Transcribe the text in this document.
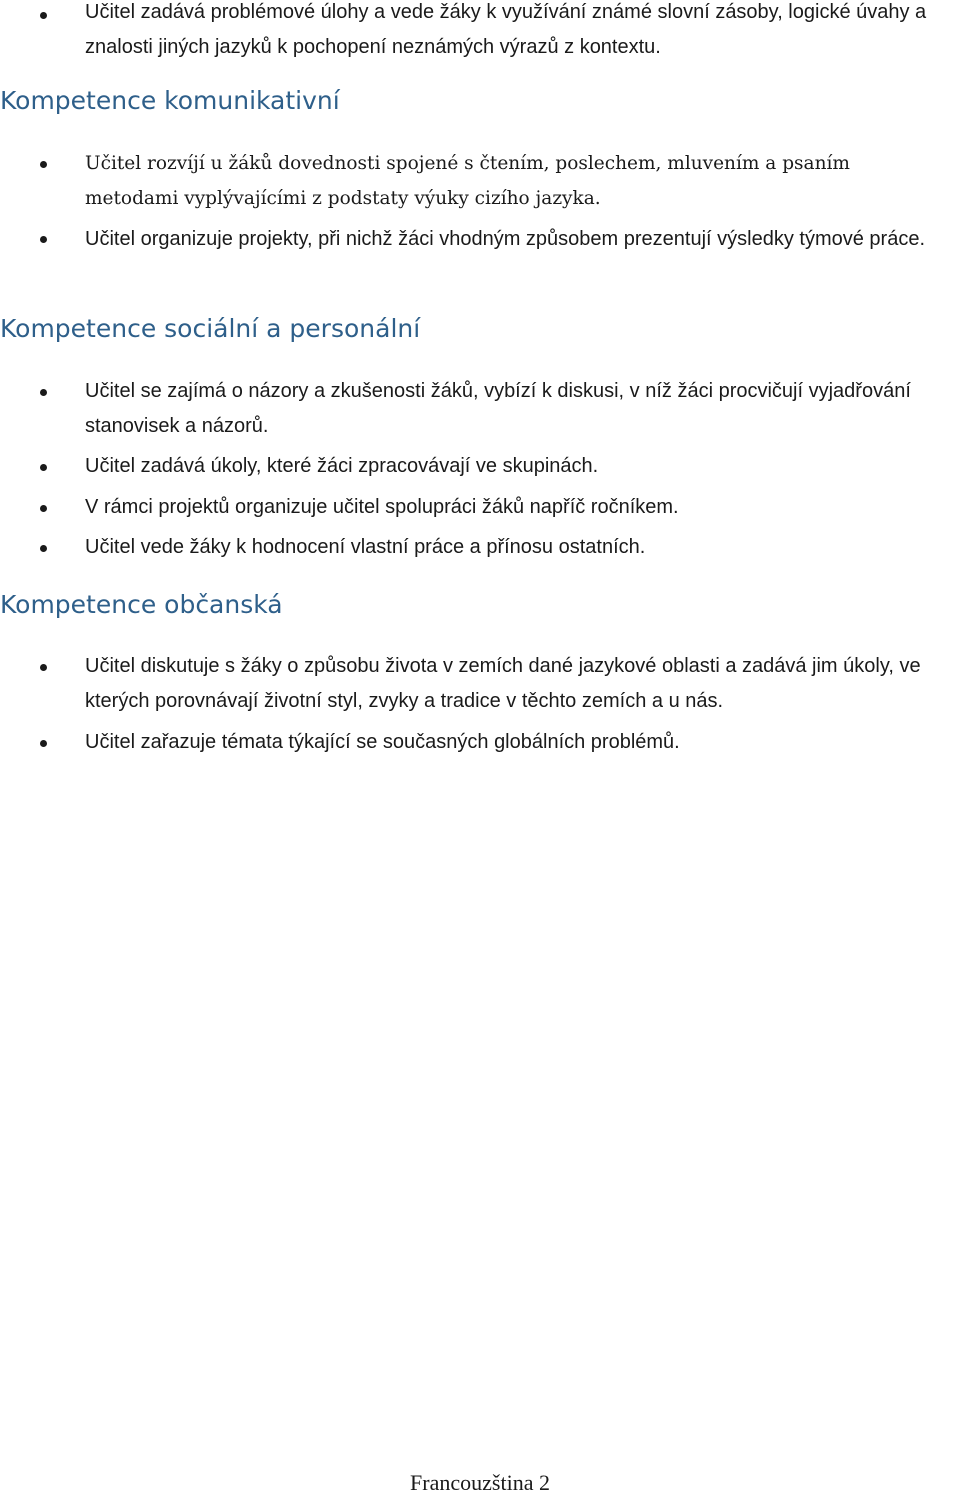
Učitel zadává problémové úlohy a vede žáky k využívání známé slovní zásoby, logické úvahy a znalosti jiných jazyků k pochopení neznámých výrazů z kontextu.

Kompetence komunikativní

Učitel rozvíjí u žáků dovednosti spojené s čtením, poslechem, mluvením a psaním metodami vyplývajícími z podstaty výuky cizího jazyka.

Učitel organizuje projekty, při nichž žáci vhodným způsobem prezentují výsledky týmové práce.

Kompetence sociální a personální

Učitel se zajímá o názory a zkušenosti žáků, vybízí k diskusi, v níž žáci procvičují vyjadřování stanovisek a názorů.

Učitel zadává úkoly, které žáci zpracovávají ve skupinách.

V rámci projektů organizuje učitel spolupráci žáků napříč ročníkem.

Učitel vede žáky k hodnocení vlastní práce a přínosu ostatních.

Kompetence občanská

Učitel diskutuje s žáky o způsobu života v zemích dané jazykové oblasti a zadává jim úkoly, ve kterých porovnávají životní styl, zvyky a tradice v těchto zemích a u nás.

Učitel zařazuje témata týkající se současných globálních problémů.

Francouzština 2
